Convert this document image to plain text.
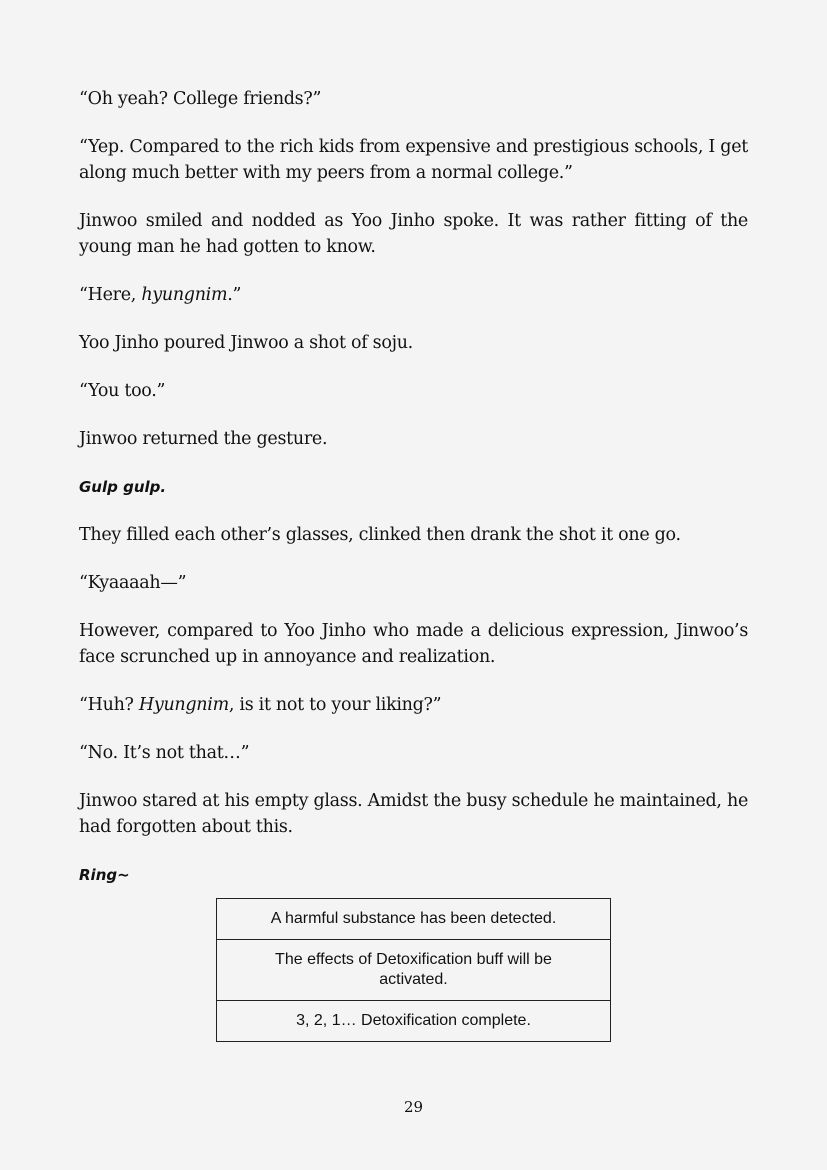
“Oh yeah? College friends?”

“Yep. Compared to the rich kids from expensive and prestigious schools, I get along much better with my peers from a normal college.”

Jinwoo smiled and nodded as Yoo Jinho spoke. It was rather fitting of the young man he had gotten to know.

“Here, hyungnim.”

Yoo Jinho poured Jinwoo a shot of soju.

“You too.”

Jinwoo returned the gesture.

Gulp gulp.

They filled each other’s glasses, clinked then drank the shot it one go.

“Kyaaaah—”

However, compared to Yoo Jinho who made a delicious expression, Jinwoo’s face scrunched up in annoyance and realization.

“Huh? Hyungnim, is it not to your liking?”

“No. It’s not that…”

Jinwoo stared at his empty glass. Amidst the busy schedule he maintained, he had forgotten about this.

Ring~

A harmful substance has been detected.
The effects of Detoxification buff will be activated.
3, 2, 1… Detoxification complete.
29
